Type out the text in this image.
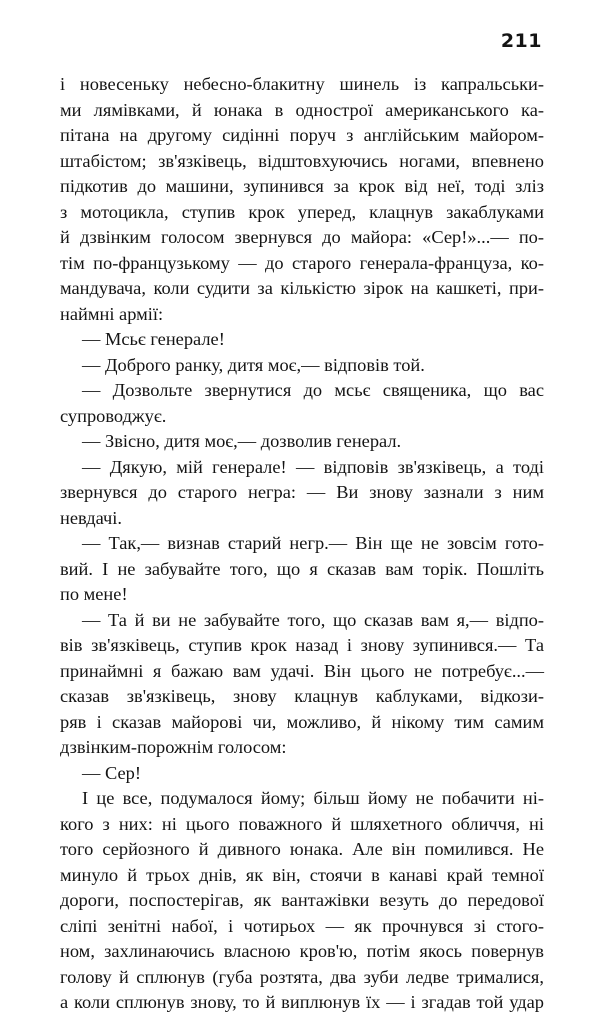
211
і новесеньку небесно-блакитну шинель із капральськи-
ми лямівками, й юнака в однострої американського ка-
пітана на другому сидінні поруч з англійським майором-
штабістом; зв'язківець, відштовхуючись ногами, впевнено
підкотив до машини, зупинився за крок від неї, тоді зліз
з мотоцикла, ступив крок уперед, клацнув закаблуками
й дзвінким голосом звернувся до майора: «Сер!»...— по-
тім по-французькому — до старого генерала-француза, ко-
мандувача, коли судити за кількістю зірок на кашкеті, при-
наймні армії:
— Мсьє генерале!
— Доброго ранку, дитя моє,— відповів той.
— Дозвольте звернутися до мсьє священика, що вас
супроводжує.
— Звісно, дитя моє,— дозволив генерал.
— Дякую, мій генерале! — відповів зв'язківець, а тоді
звернувся до старого негра: — Ви знову зазнали з ним
невдачі.
— Так,— визнав старий негр.— Він ще не зовсім гото-
вий. І не забувайте того, що я сказав вам торік. Пошліть
по мене!
— Та й ви не забувайте того, що сказав вам я,— відпо-
вів зв'язківець, ступив крок назад і знову зупинився.— Та
принаймні я бажаю вам удачі. Він цього не потребує...—
сказав зв'язківець, знову клацнув каблуками, відкози-
ряв і сказав майорові чи, можливо, й нікому тим самим
дзвінким-порожнім голосом:
— Сер!
І це все, подумалося йому; більш йому не побачити ні-
кого з них: ні цього поважного й шляхетного обличчя, ні
того серйозного й дивного юнака. Але він помилився. Не
минуло й трьох днів, як він, стоячи в канаві край темної
дороги, поспостерігав, як вантажівки везуть до передової
сліпі зенітні набої, і чотирьох — як прочнувся зі стого-
ном, захлинаючись власною кров'ю, потім якось повернув
голову й сплюнув (губа розтята, два зуби ледве трималися,
а коли сплюнув знову, то й виплюнув їх — і згадав той удар
